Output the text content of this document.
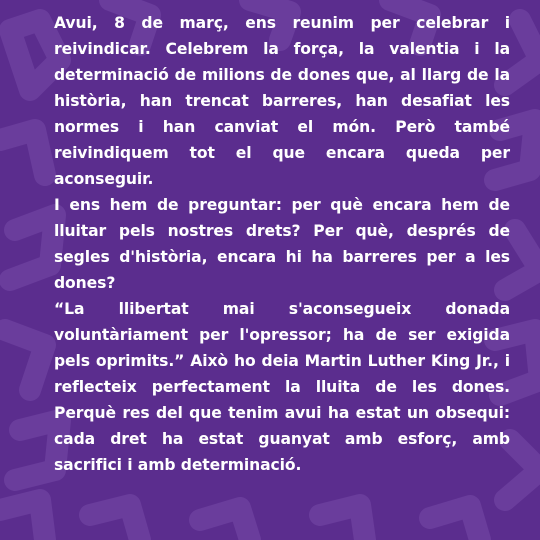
Avui, 8 de març, ens reunim per celebrar i reivindicar. Celebrem la força, la valentia i la determinació de milions de dones que, al llarg de la història, han trencat barreres, han desafiat les normes i han canviat el món. Però també reivindiquem tot el que encara queda per aconseguir.

I ens hem de preguntar: per què encara hem de lluitar pels nostres drets? Per què, després de segles d'història, encara hi ha barreres per a les dones?

“La llibertat mai s'aconsegueix donada voluntàriament per l'opressor; ha de ser exigida pels oprimits.” Això ho deia Martin Luther King Jr., i reflecteix perfectament la lluita de les dones. Perquè res del que tenim avui ha estat un obsequi: cada dret ha estat guanyat amb esforç, amb sacrifici i amb determinació.
